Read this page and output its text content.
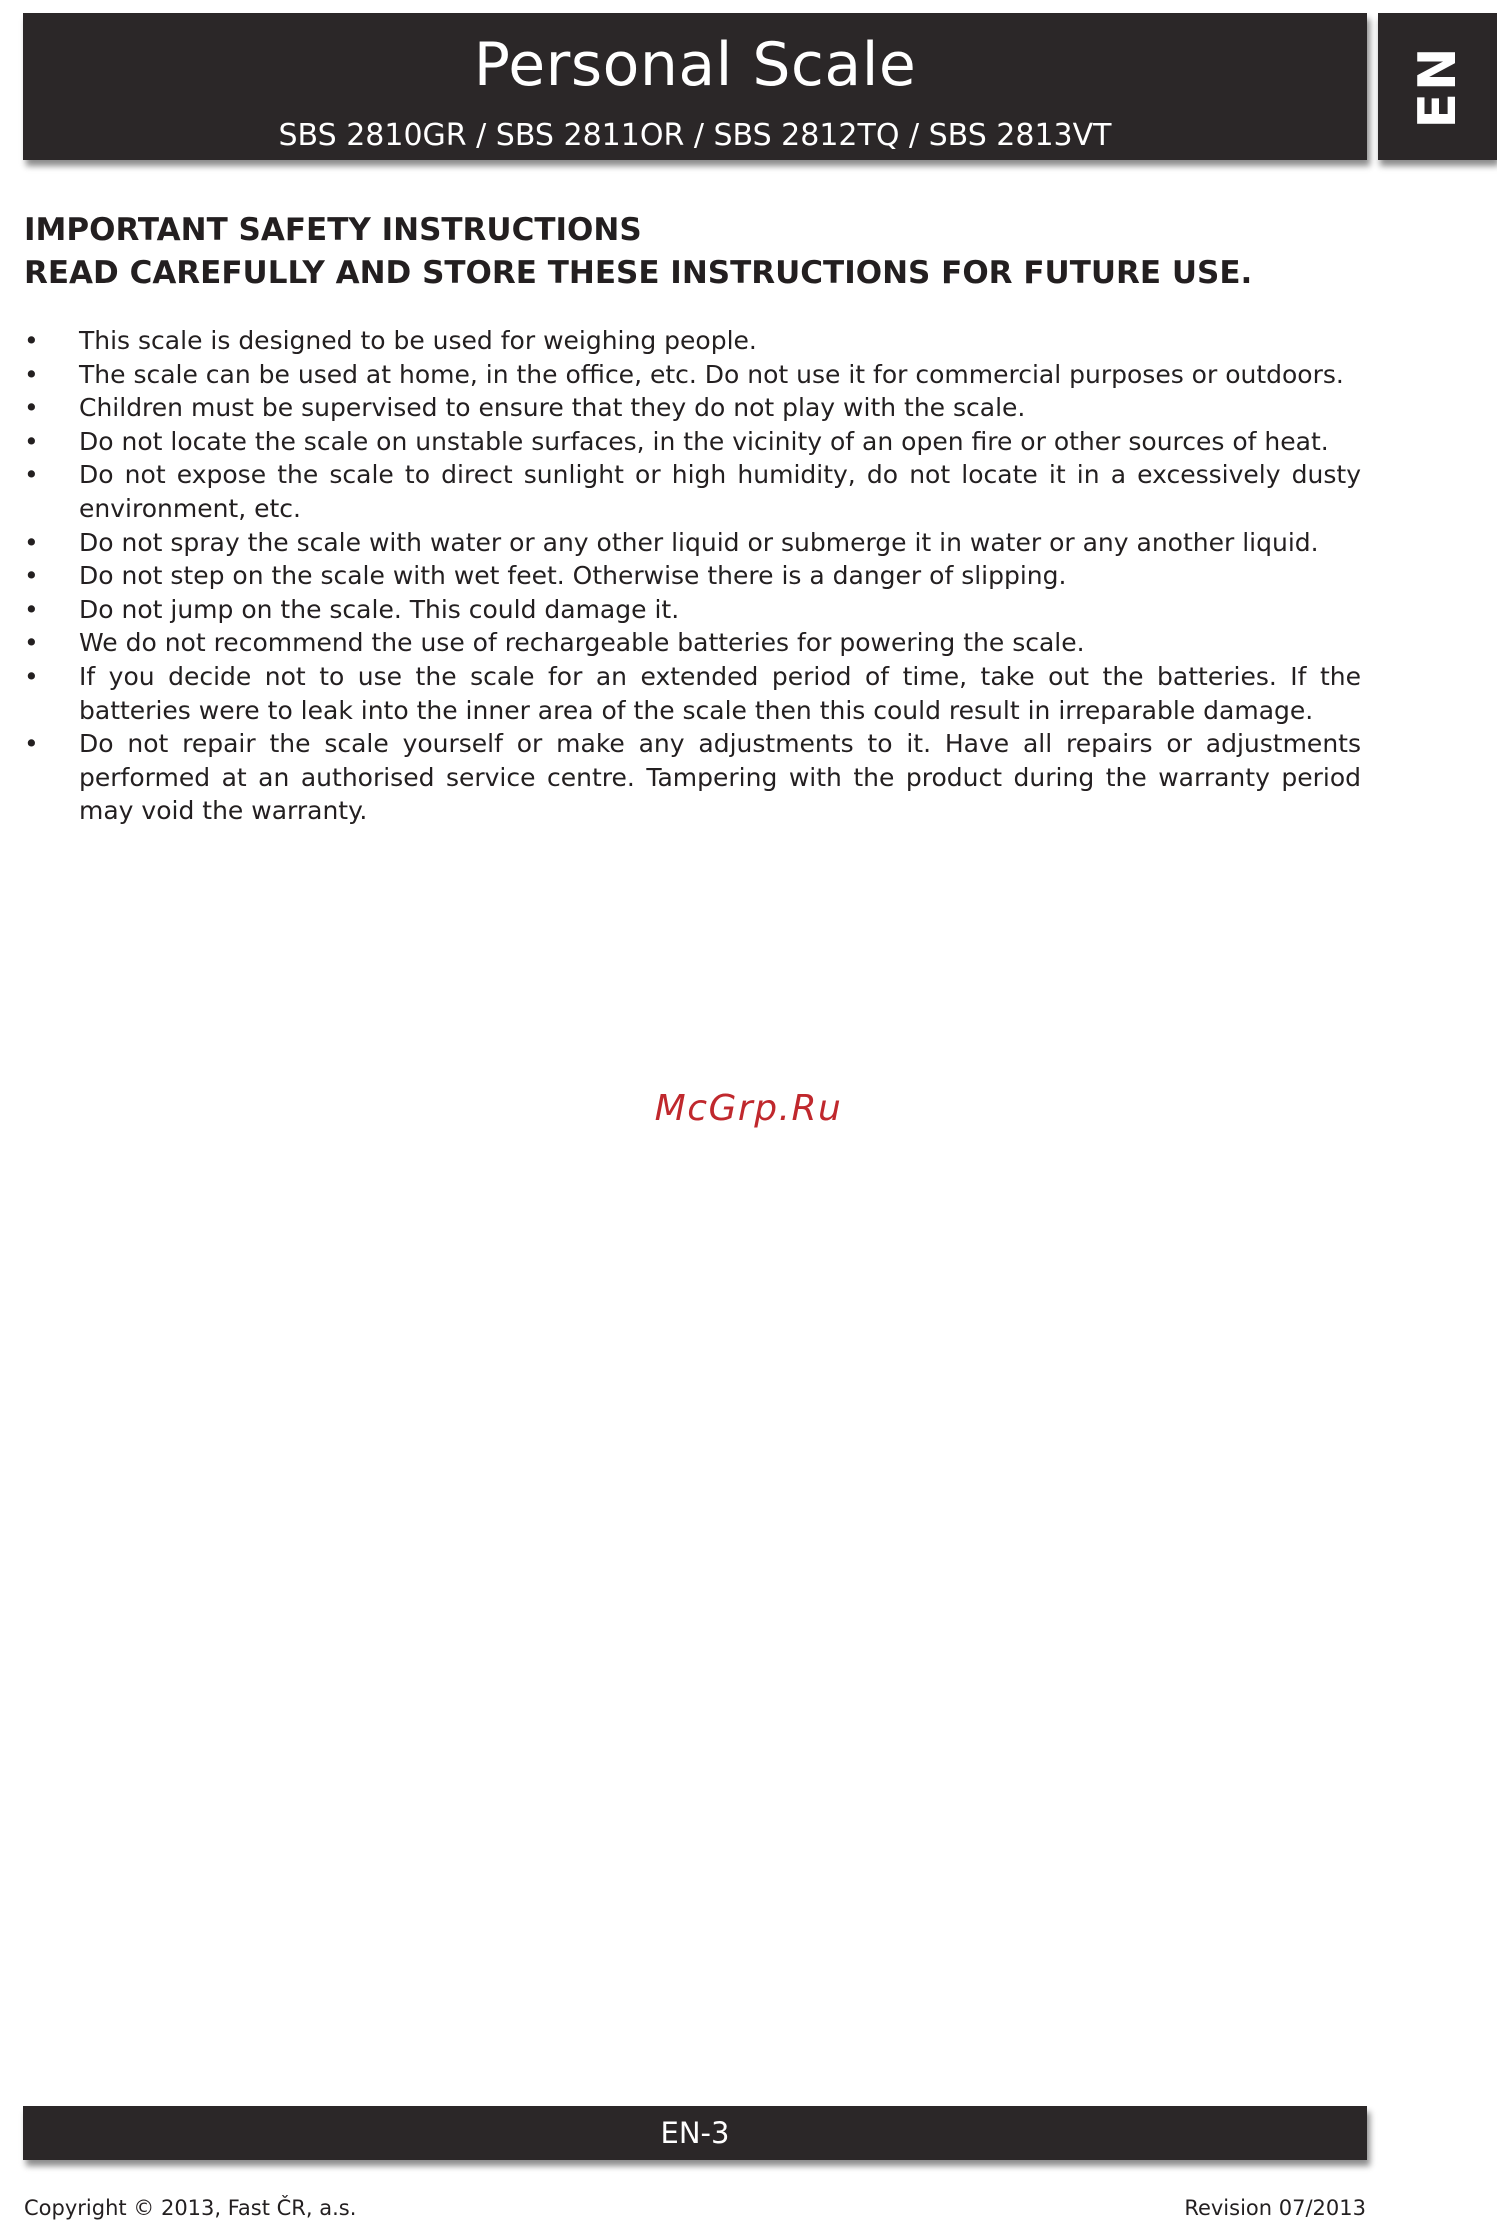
Personal Scale
SBS 2810GR / SBS 2811OR / SBS 2812TQ / SBS 2813VT
EN
IMPORTANT SAFETY INSTRUCTIONS
READ CAREFULLY AND STORE THESE INSTRUCTIONS FOR FUTURE USE.
• This scale is designed to be used for weighing people.
• The scale can be used at home, in the office, etc. Do not use it for commercial purposes or outdoors.
• Children must be supervised to ensure that they do not play with the scale.
• Do not locate the scale on unstable surfaces, in the vicinity of an open fire or other sources of heat.
• Do not expose the scale to direct sunlight or high humidity, do not locate it in a excessively dusty environment, etc.
• Do not spray the scale with water or any other liquid or submerge it in water or any another liquid.
• Do not step on the scale with wet feet. Otherwise there is a danger of slipping.
• Do not jump on the scale. This could damage it.
• We do not recommend the use of rechargeable batteries for powering the scale.
• If you decide not to use the scale for an extended period of time, take out the batteries. If the batteries were to leak into the inner area of the scale then this could result in irreparable damage.
• Do not repair the scale yourself or make any adjustments to it. Have all repairs or adjustments performed at an authorised service centre. Tampering with the product during the warranty period may void the warranty.
McGrp.Ru
EN-3
Copyright © 2013, Fast ČR, a.s.	Revision 07/2013
